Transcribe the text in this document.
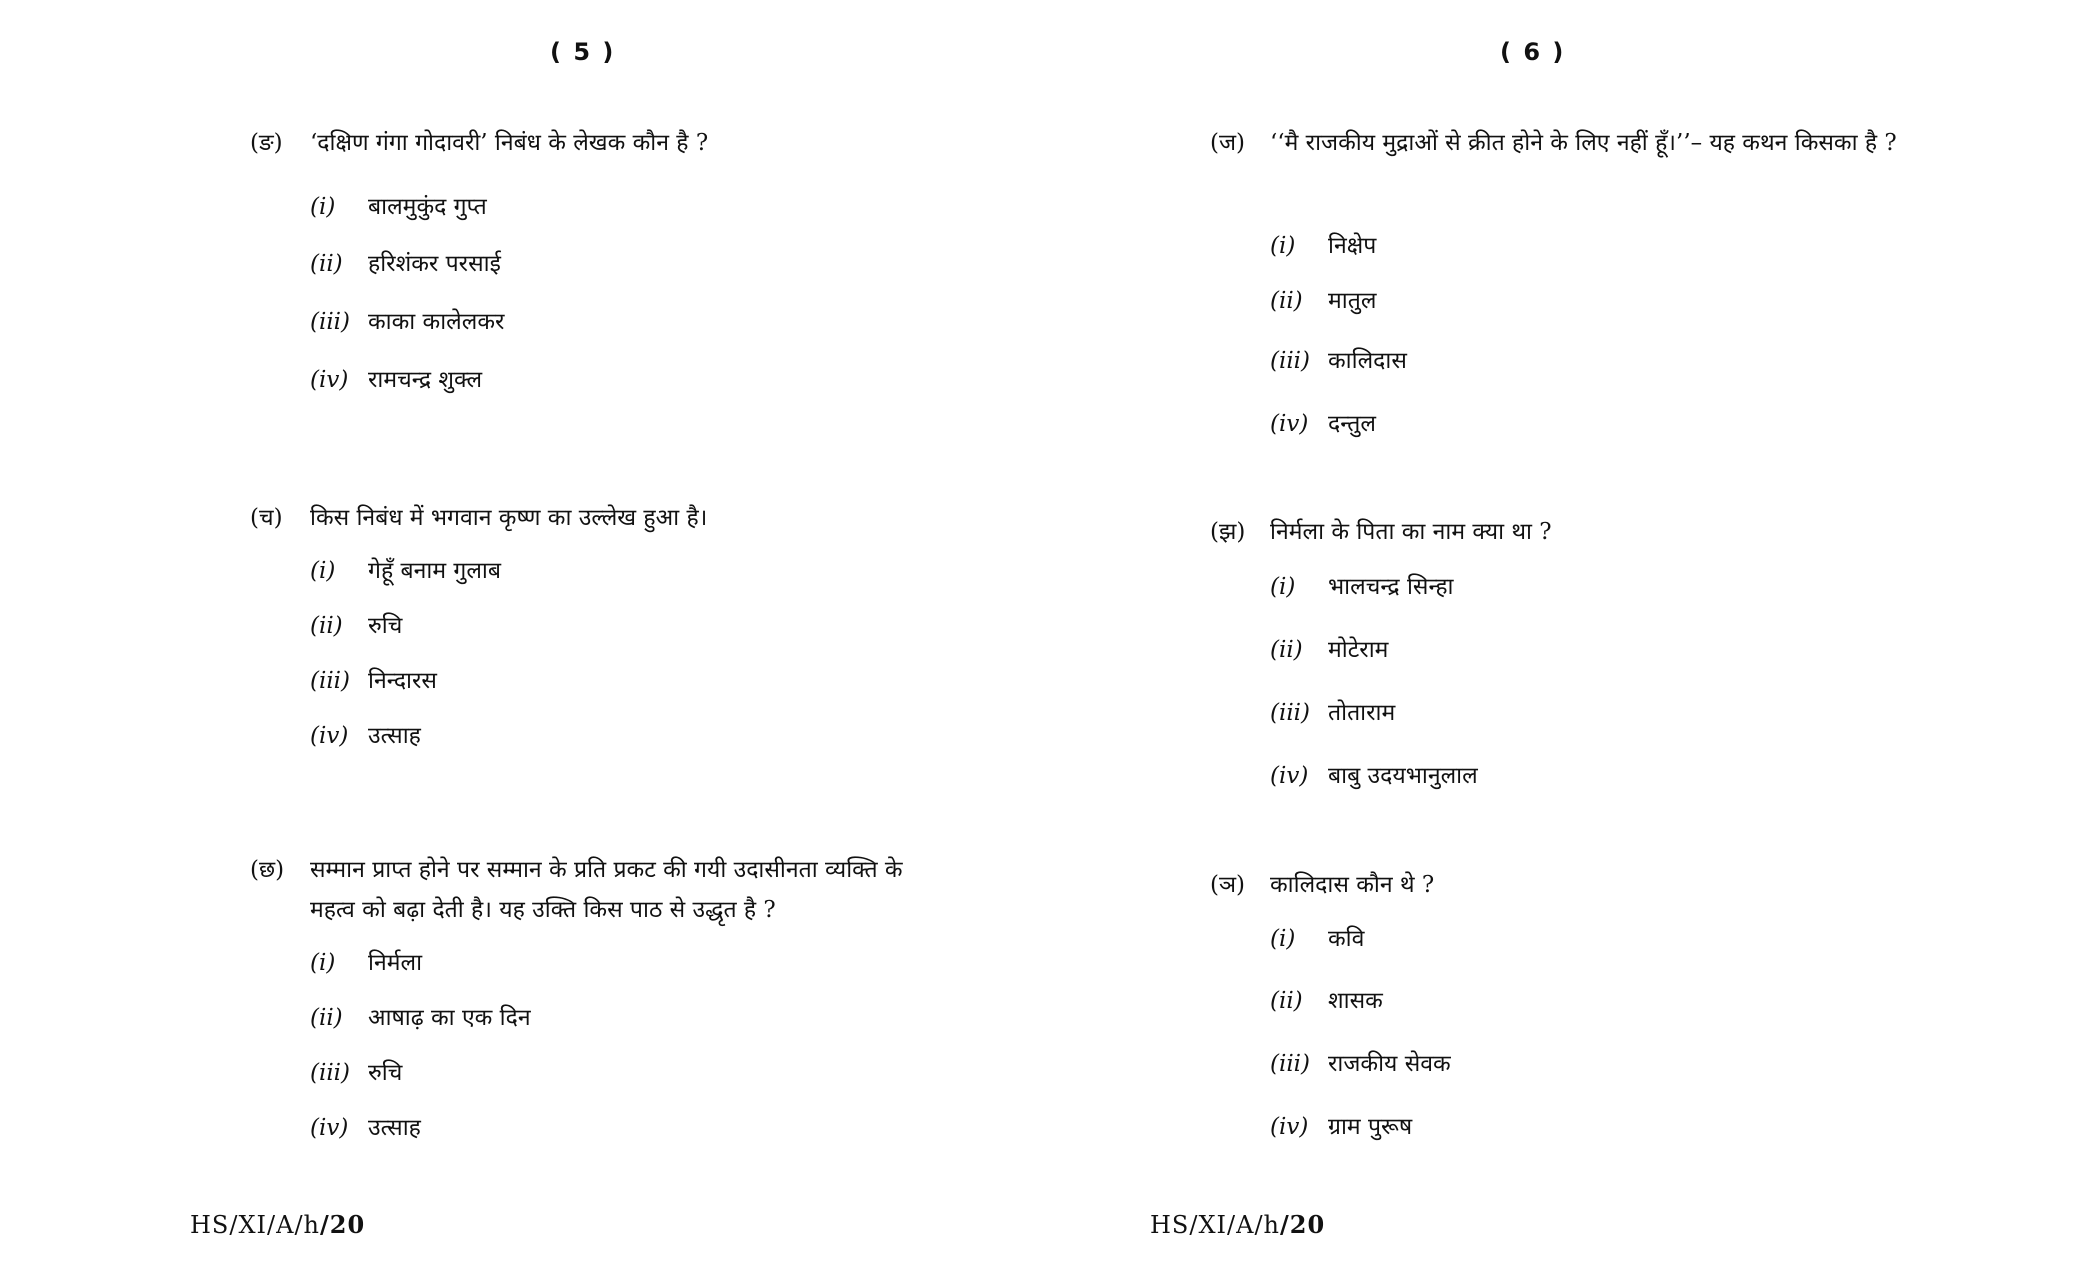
( 5 )
(ङ)	‘दक्षिण गंगा गोदावरी’ निबंध के लेखक कौन है ?
(i) बालमुकुंद गुप्त
(ii) हरिशंकर परसाई
(iii) काका कालेलकर
(iv) रामचन्द्र शुक्ल
(च)	किस निबंध में भगवान कृष्ण का उल्लेख हुआ है।
(i) गेहूँ बनाम गुलाब
(ii) रुचि
(iii) निन्दारस
(iv) उत्साह
(छ)	सम्मान प्राप्त होने पर सम्मान के प्रति प्रकट की गयी उदासीनता व्यक्ति के महत्व को बढ़ा देती है। यह उक्ति किस पाठ से उद्धृत है ?
(i) निर्मला
(ii) आषाढ़ का एक दिन
(iii) रुचि
(iv) उत्साह
HS/XI/A/h/20
( 6 )
(ज)	‘‘मै राजकीय मुद्राओं से क्रीत होने के लिए नहीं हूँ।’’– यह कथन किसका है ?
(i) निक्षेप
(ii) मातुल
(iii) कालिदास
(iv) दन्तुल
(झ)	निर्मला के पिता का नाम क्या था ?
(i) भालचन्द्र सिन्हा
(ii) मोटेराम
(iii) तोताराम
(iv) बाबु उदयभानुलाल
(ञ)	कालिदास कौन थे ?
(i) कवि
(ii) शासक
(iii) राजकीय सेवक
(iv) ग्राम पुरूष
HS/XI/A/h/20
